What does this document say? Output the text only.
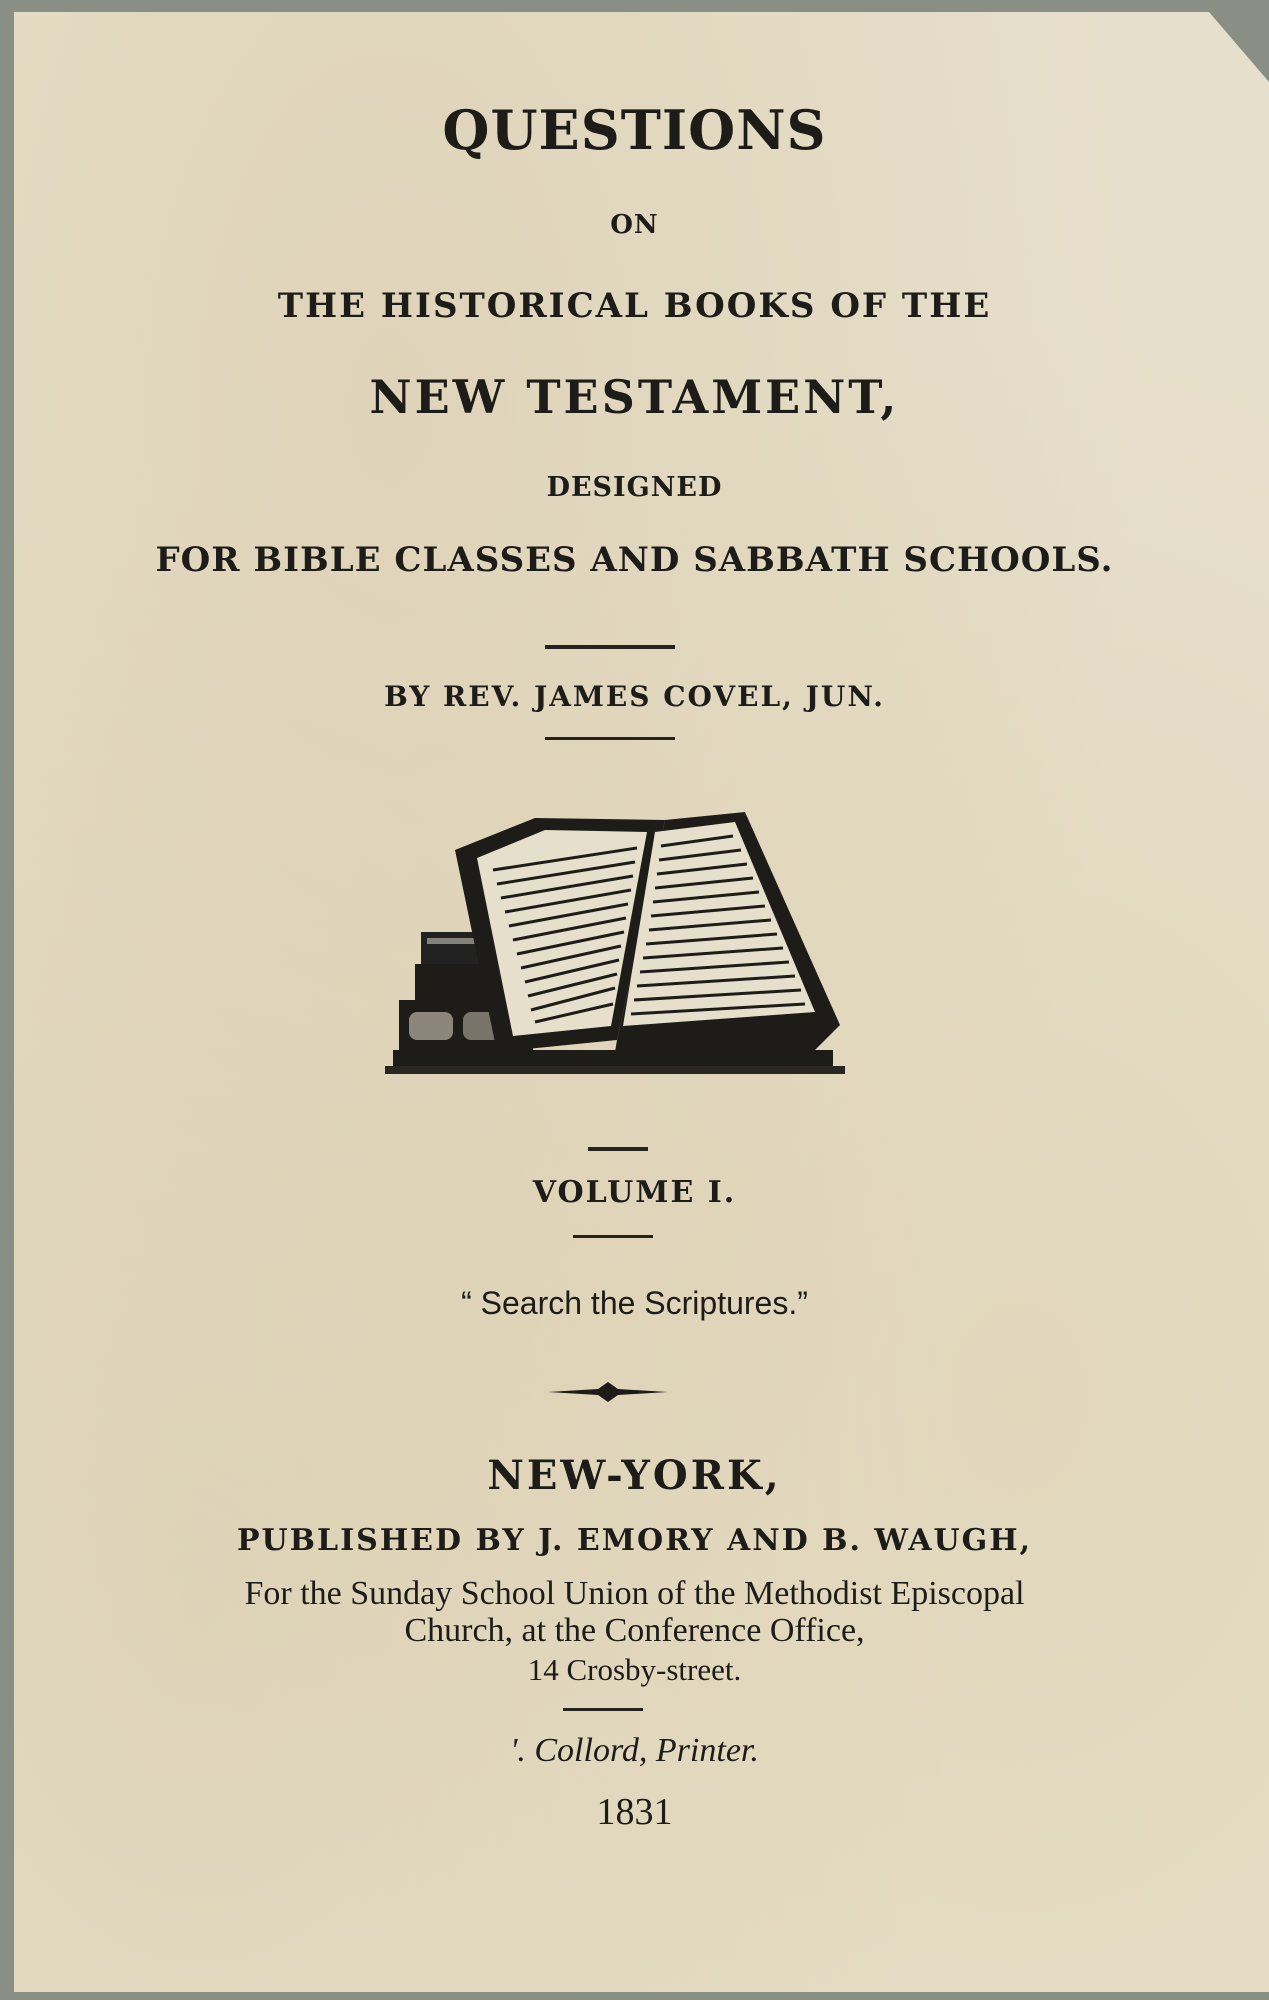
QUESTIONS
ON
THE HISTORICAL BOOKS OF THE
NEW TESTAMENT,
DESIGNED
FOR BIBLE CLASSES AND SABBATH SCHOOLS.
BY REV. JAMES COVEL, JUN.
VOLUME I.
“ Search the Scriptures.”
NEW-YORK,
PUBLISHED BY J. EMORY AND B. WAUGH,
For the Sunday School Union of the Methodist Episcopal
Church, at the Conference Office,
14 Crosby-street.
'. Collord, Printer.
1831
